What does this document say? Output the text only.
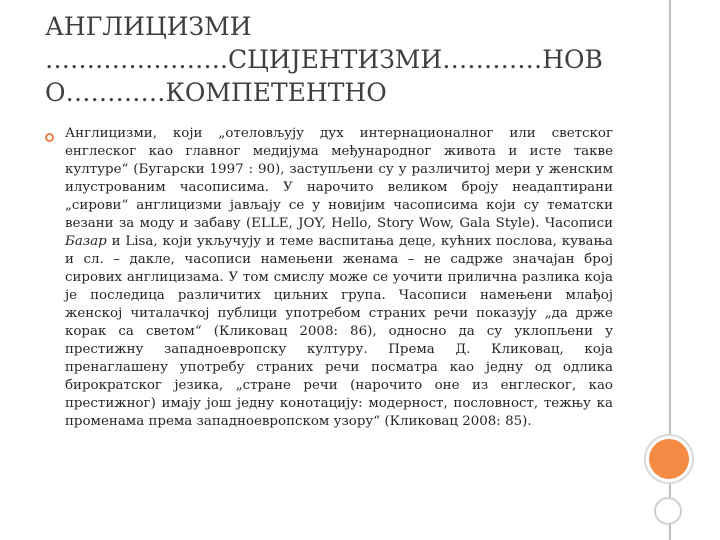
АНГЛИЦИЗМИ
………………….СЦИЈЕНТИЗМИ…………НОВ
О…………КОМПЕТЕНТНО
Англицизми, који „отеловљују дух интернационалног или светског енглеског као главног медијума међународног живота и исте такве културе“ (Бугарски 1997 : 90), заступљени су у различитој мери у женским илустрованим часописима. У нарочито великом броју неадаптирани „сирови“ англицизми јављају се у новијим часописима који су тематски везани за моду и забаву (ELLE, JOY, Hello, Story Wow, Gala Style). Часописи Базар и Lisa, који укључују и теме васпитања деце, кућних послова, кувања и сл. – дакле, часописи намењени женама – не садрже значајан број сирових англицизама. У том смислу може се уочити прилична разлика која је последица различитих циљних група. Часописи намењени млађој женској читалачкој публици употребом страних речи показују „да држе корак са светом“ (Кликовац 2008: 86), односно да су уклопљени у престижну западноевропску културу. Према Д. Кликовац, која пренаглашену употребу страних речи посматра као једну од одлика бирократског језика, „стране речи (нарочито оне из енглеског, као престижног) имају још једну конотацију: модерност, пословност, тежњу ка променама према западноевропском узору“ (Кликовац 2008: 85).
